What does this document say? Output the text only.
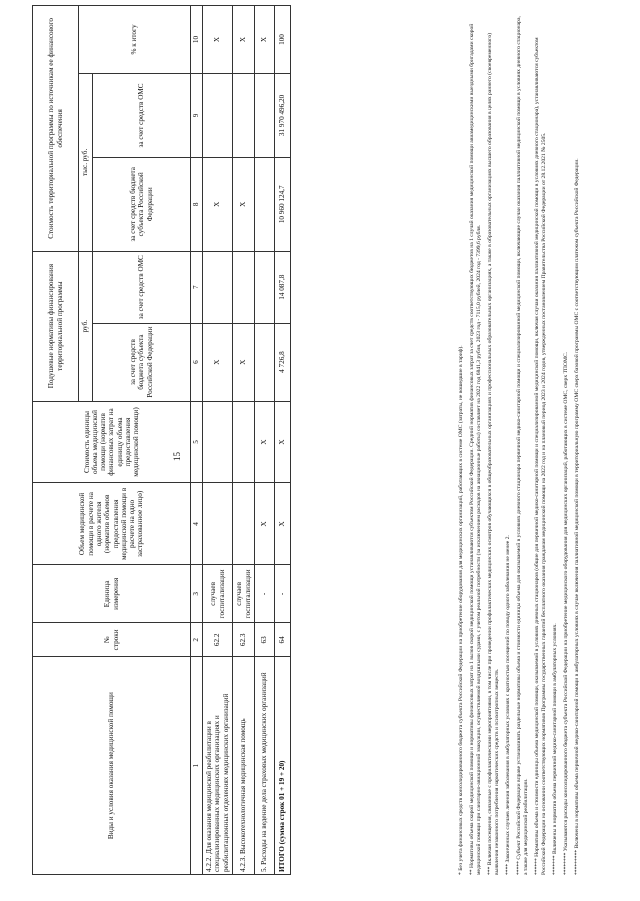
15
Виды и условия оказания медицинской помощи	№ строки	Единица измерения	Объем медицинской помощи в расчете на одного жителя (норматив объемов предоставления медицинской помощи в расчете на одно застрахованное лицо)	Стоимость единицы объема медицинской помощи (норматив финансовых затрат на единицу объема предоставления медицинской помощи)	Подушевые нормативы финансирования территориальной программы		Стоимость территориальной программы по источникам ее финансового обеспечения		
					руб.		тыс. руб.		% к итогу
					за счет средств бюджета субъекта Российской Федерации	за счет средств ОМС	за счет средств бюджета субъекта Российской Федерации	за счет средств ОМС	
1	2	3	4	5	6	7	8	9	10
4.2.2. Для оказания медицинской реабилитации в специализированных медицинских организациях и реабилитационных отделениях медицинских организаций	62.2	случаев госпитализации			X		X		X
4.2.3. Высокотехнологичная медицинская помощь	62.3	случаев госпитализации			X		X		X
5. Расходы на ведение дела страховых медицинских организаций	63	-	X	X					X
ИТОГО (сумма строк 01 + 19 + 20)	64	-	X	X	4 726,8	14 087,8	10 960 124,7	31 970 496,20	100

* Без учета финансовых средств консолидированного бюджета субъекта Российской Федерации на приобретение оборудования для медицинских организаций, работающих в системе ОМС (затраты, не вошедшие в тариф). ** Нормативы объема скорой медицинской помощи и нормативы финансовых затрат на 1 вызов скорой медицинской помощи устанавливаются субъектом Российской Федерации. Средний норматив финансовых затрат за счет средств соответствующих бюджетов на 1 случай оказания медицинской помощи авиамедицинскими выездными бригадами скорой медицинской помощи при санитарно-авиационной эвакуации, осуществляемой воздушными судами, с учетом реальной потребности (за исключением расходов на авиационные работы) составляет на 2022 год 6841,3 рубля, 2023 год - 7115,0 рублей, 2024 год - 7399,6 рубля. *** Включая посещения, связанные с профилактическими мероприятиями, в том числе при проведении профилактических медицинских осмотров обучающихся в общеобразовательных организациях и профессиональных образовательных организациях, а также в образовательных организациях высшего образования в целях раннего (своевременного) выявления незаконного потребления наркотических средств и психотропных веществ. **** Законченных случаев лечения заболевания в амбулаторных условиях с кратностью посещений по поводу одного заболевания не менее 2. ***** Субъект Российской Федерации вправе устанавливать раздельные нормативы объема и стоимости единицы объема для оказываемой в условиях дневного стационара первичной медико-санитарной помощи и специализированной медицинской помощи, включающие случаи оказания паллиативной медицинской помощи в условиях дневного стационара, а также для медицинской реабилитации. ****** Нормативы объема и стоимости единицы объема медицинской помощи, оказываемой в условиях дневных стационаров (общие для первичной медико-санитарной помощи и специализированной медицинской помощи, включая случаи оказания паллиативной медицинской помощи в условиях дневного стационара), устанавливаются субъектом Российской Федерации на основании соответствующих нормативов Программы государственных гарантий бесплатного оказания гражданам медицинской помощи на 2022 год и на плановый период 2023 и 2024 годов, утвержденных постановлением Правительства Российской Федерации от 28.12.2021 № 2505. ******* Включены в норматив объема первичной медико-санитарной помощи в амбулаторных условиях. ******** Указываются расходы консолидированного бюджета субъекта Российской Федерации на приобретение медицинского оборудования для медицинских организаций, работающих в системе ОМС, сверх ТПОМС. ********* Включены в нормативы объема первичной медико-санитарной помощи в амбулаторных условиях в случае включения паллиативной медицинской помощи в территориальную программу ОМС сверх базовой программы ОМС с соответствующим платежом субъекта Российской Федерации.
